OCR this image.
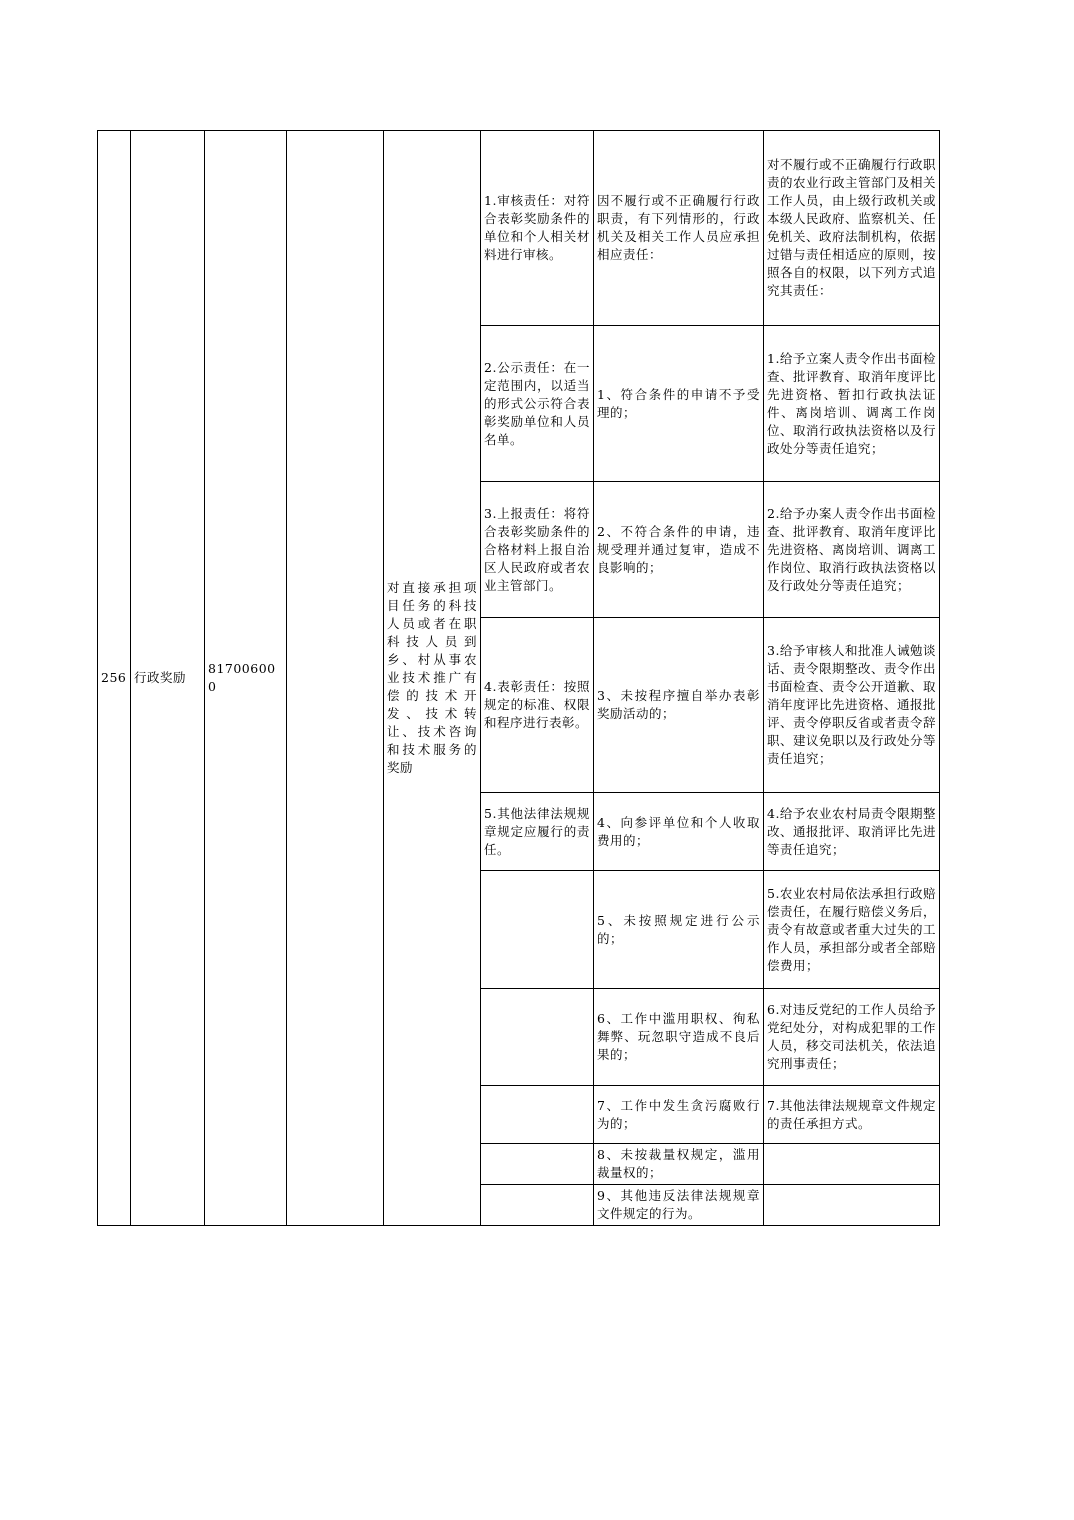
256	行政奖励	817006000		对直接承担项目任务的科技人员或者在职科技人员到乡、村从事农业技术推广有偿的技术开发、技术转让、技术咨询和技术服务的奖励	1.审核责任：对符合表彰奖励条件的单位和个人相关材料进行审核。	因不履行或不正确履行行政职责，有下列情形的，行政机关及相关工作人员应承担相应责任：	对不履行或不正确履行行政职责的农业行政主管部门及相关工作人员，由上级行政机关或本级人民政府、监察机关、任免机关、政府法制机构，依据过错与责任相适应的原则，按照各自的权限，以下列方式追究其责任：
					2.公示责任：在一定范围内，以适当的形式公示符合表彰奖励单位和人员名单。	1、符合条件的申请不予受理的；	1.给予立案人责令作出书面检查、批评教育、取消年度评比先进资格、暂扣行政执法证件、离岗培训、调离工作岗位、取消行政执法资格以及行政处分等责任追究；
					3.上报责任：将符合表彰奖励条件的合格材料上报自治区人民政府或者农业主管部门。	2、不符合条件的申请，违规受理并通过复审，造成不良影响的；	2.给予办案人责令作出书面检查、批评教育、取消年度评比先进资格、离岗培训、调离工作岗位、取消行政执法资格以及行政处分等责任追究；
					4.表彰责任：按照规定的标准、权限和程序进行表彰。	3、未按程序擅自举办表彰奖励活动的；	3.给予审核人和批准人诫勉谈话、责令限期整改、责令作出书面检查、责令公开道歉、取消年度评比先进资格、通报批评、责令停职反省或者责令辞职、建议免职以及行政处分等责任追究；
					5.其他法律法规规章规定应履行的责任。	4、向参评单位和个人收取费用的；	4.给予农业农村局责令限期整改、通报批评、取消评比先进等责任追究；
						5、未按照规定进行公示的；	5.农业农村局依法承担行政赔偿责任，在履行赔偿义务后，责令有故意或者重大过失的工作人员，承担部分或者全部赔偿费用；
						6、工作中滥用职权、徇私舞弊、玩忽职守造成不良后果的；	6.对违反党纪的工作人员给予党纪处分，对构成犯罪的工作人员，移交司法机关，依法追究刑事责任；
						7、工作中发生贪污腐败行为的；	7.其他法律法规规章文件规定的责任承担方式。
						8、未按裁量权规定，滥用裁量权的；	
						9、其他违反法律法规规章文件规定的行为。	
